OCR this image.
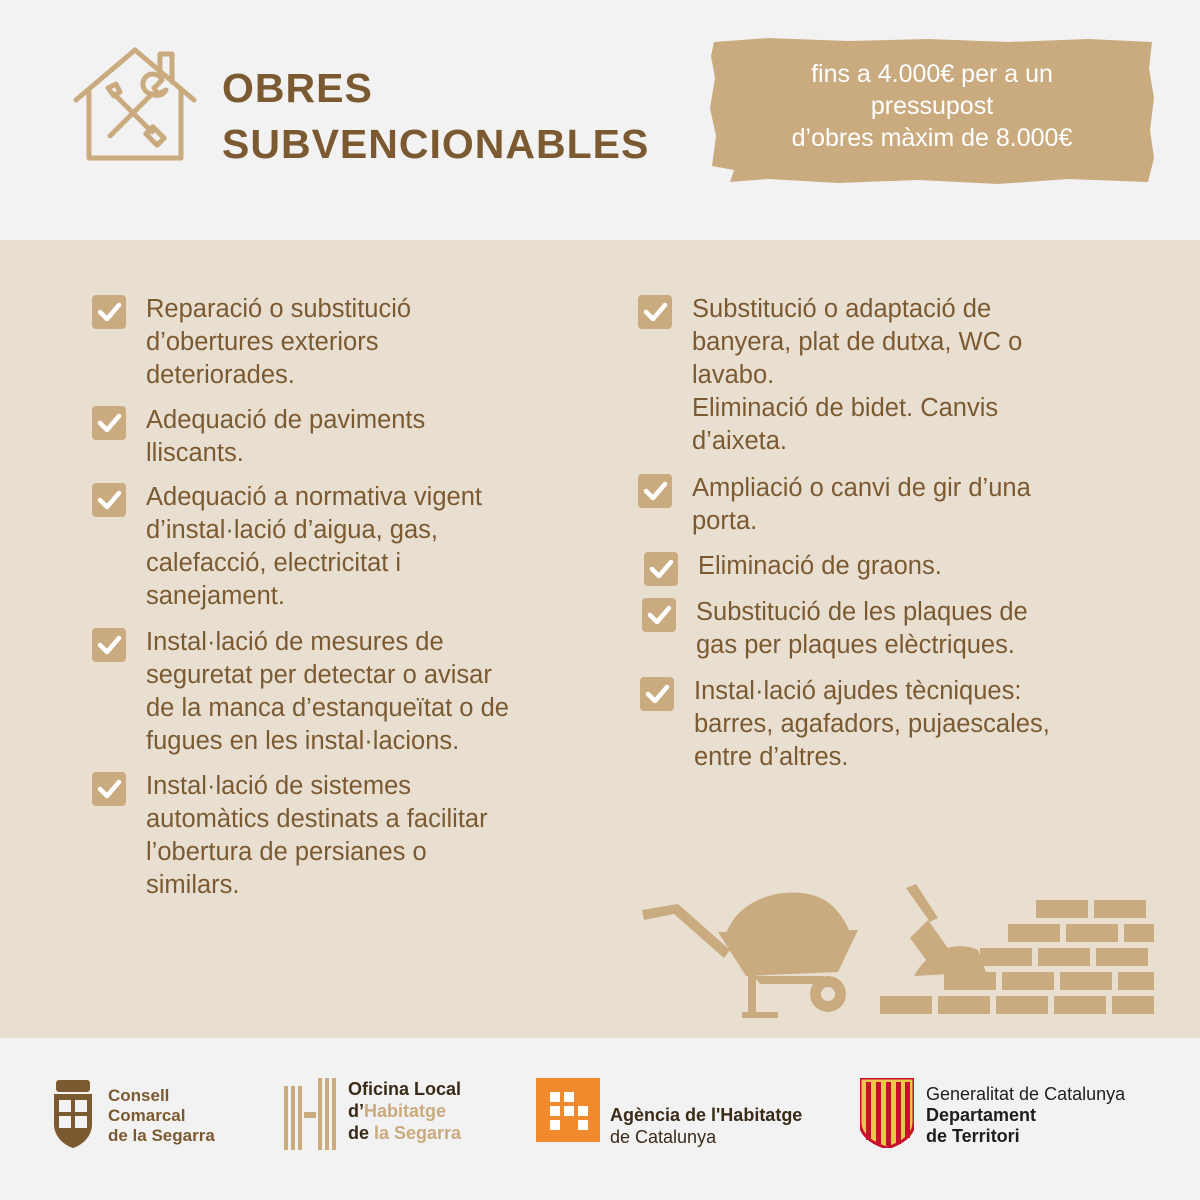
OBRES
SUBVENCIONABLES
fins a 4.000€ per a un
pressupost
d’obres màxim de 8.000€
Reparació o substitució
d’obertures exteriors
deteriorades.
Adequació de paviments
lliscants.
Adequació a normativa vigent
d’instal·lació d’aigua, gas,
calefacció, electricitat i
sanejament.
Instal·lació de mesures de
seguretat per detectar o avisar
de la manca d’estanqueïtat o de
fugues en les instal·lacions.
Instal·lació de sistemes
automàtics destinats a facilitar
l’obertura de persianes o
similars.
Substitució o adaptació de
banyera, plat de dutxa, WC o
lavabo.
Eliminació de bidet. Canvis
d’aixeta.
Ampliació o canvi de gir d’una
porta.
Eliminació de graons.
Substitució de les plaques de
gas per plaques elèctriques.
Instal·lació ajudes tècniques:
barres, agafadors, pujaescales,
entre d’altres.
Consell
Comarcal
de la Segarra
Oficina Local
d’Habitatge
de la Segarra
Agència de l'Habitatge
de Catalunya
Generalitat de Catalunya
Departament
de Territori
